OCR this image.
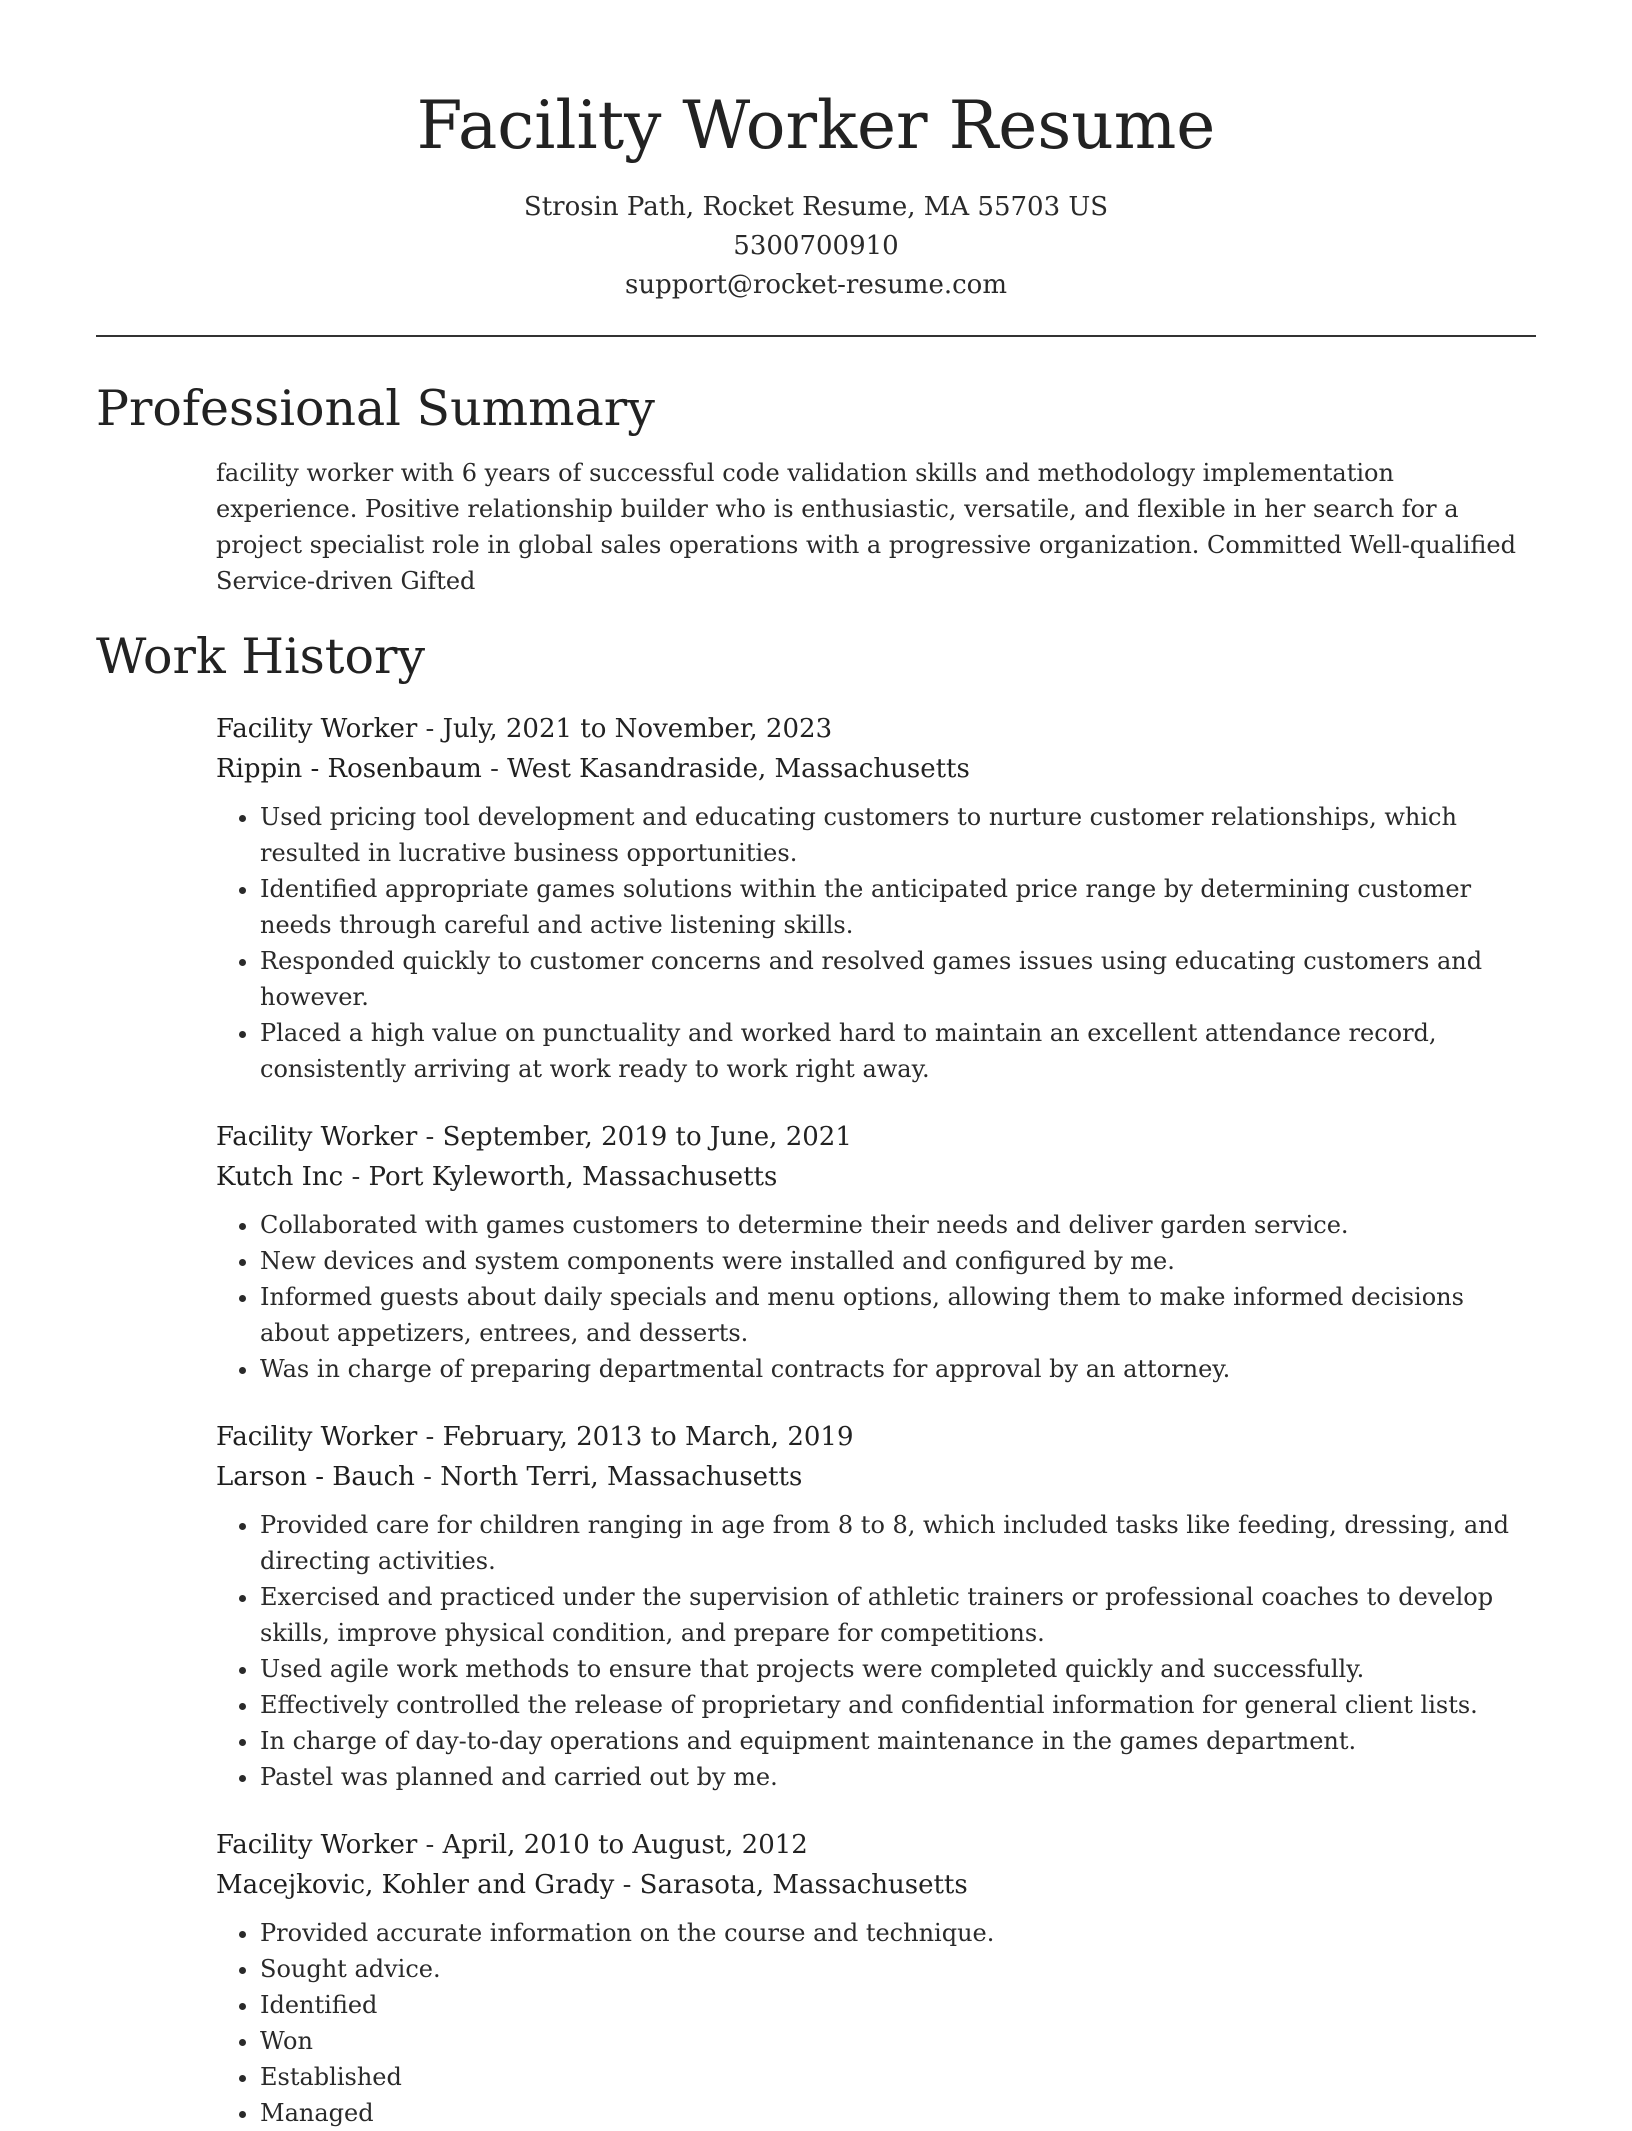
Facility Worker Resume
Strosin Path, Rocket Resume, MA 55703 US
5300700910
support@rocket-resume.com
Professional Summary
facility worker with 6 years of successful code validation skills and methodology implementation experience. Positive relationship builder who is enthusiastic, versatile, and flexible in her search for a project specialist role in global sales operations with a progressive organization. Committed Well-qualified Service-driven Gifted
Work History
Facility Worker - July, 2021 to November, 2023
Rippin - Rosenbaum - West Kasandraside, Massachusetts
• Used pricing tool development and educating customers to nurture customer relationships, which resulted in lucrative business opportunities.
• Identified appropriate games solutions within the anticipated price range by determining customer needs through careful and active listening skills.
• Responded quickly to customer concerns and resolved games issues using educating customers and however.
• Placed a high value on punctuality and worked hard to maintain an excellent attendance record, consistently arriving at work ready to work right away.
Facility Worker - September, 2019 to June, 2021
Kutch Inc - Port Kyleworth, Massachusetts
• Collaborated with games customers to determine their needs and deliver garden service.
• New devices and system components were installed and configured by me.
• Informed guests about daily specials and menu options, allowing them to make informed decisions about appetizers, entrees, and desserts.
• Was in charge of preparing departmental contracts for approval by an attorney.
Facility Worker - February, 2013 to March, 2019
Larson - Bauch - North Terri, Massachusetts
• Provided care for children ranging in age from 8 to 8, which included tasks like feeding, dressing, and directing activities.
• Exercised and practiced under the supervision of athletic trainers or professional coaches to develop skills, improve physical condition, and prepare for competitions.
• Used agile work methods to ensure that projects were completed quickly and successfully.
• Effectively controlled the release of proprietary and confidential information for general client lists.
• In charge of day-to-day operations and equipment maintenance in the games department.
• Pastel was planned and carried out by me.
Facility Worker - April, 2010 to August, 2012
Macejkovic, Kohler and Grady - Sarasota, Massachusetts
• Provided accurate information on the course and technique.
• Sought advice.
• Identified
• Won
• Established
• Managed
